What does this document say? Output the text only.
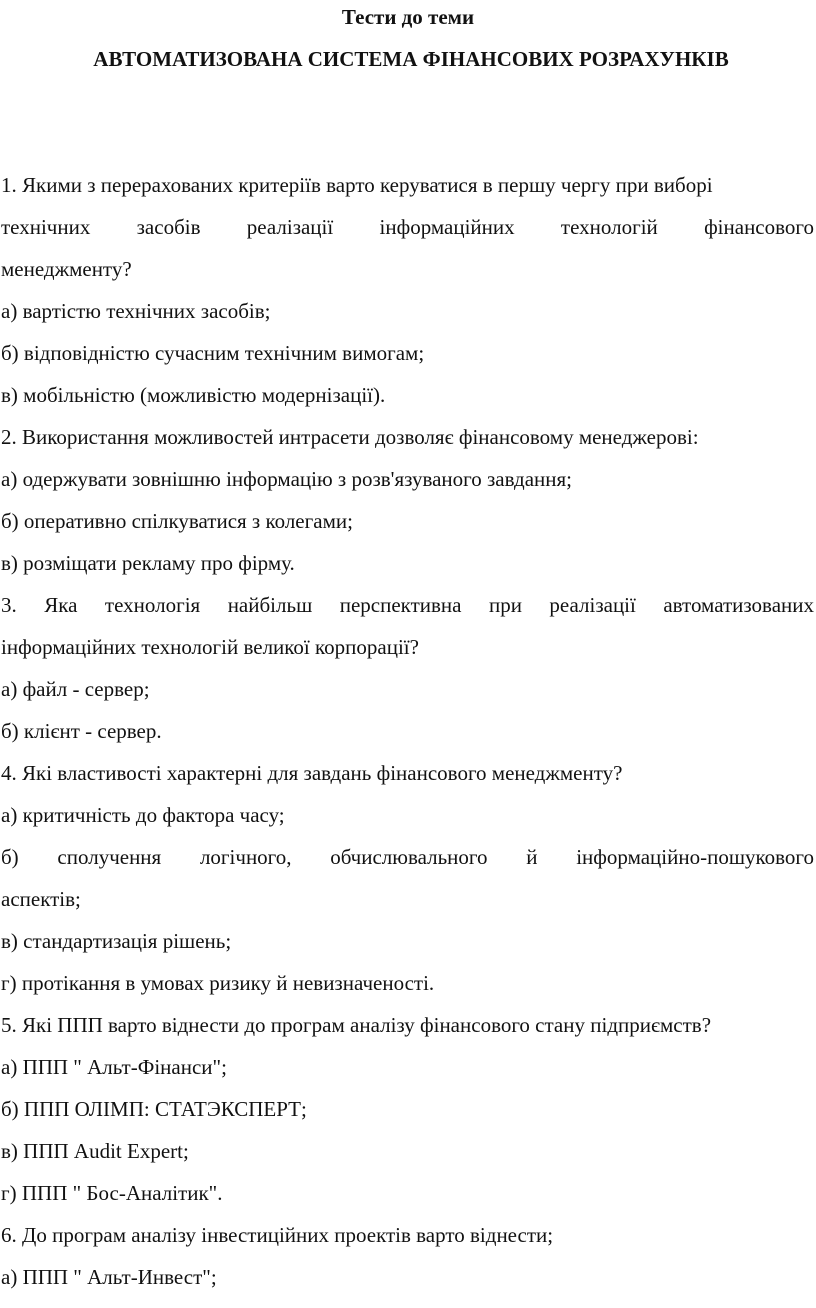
Тести до теми
АВТОМАТИЗОВАНА СИСТЕМА ФІНАНСОВИХ РОЗРАХУНКІВ

1. Якими з перерахованих критеріїв варто керуватися в першу чергу при виборі

технічних засобів реалізації інформаційних технологій фінансового

менеджменту?

а) вартістю технічних засобів;

б) відповідністю сучасним технічним вимогам;

в) мобільністю (можливістю модернізації).

2. Використання можливостей интрасети дозволяє фінансовому менеджерові:

а) одержувати зовнішню інформацію з розв'язуваного завдання;

б) оперативно спілкуватися з колегами;

в) розміщати рекламу про фірму.

3. Яка технологія найбільш перспективна при реалізації автоматизованих

інформаційних технологій великої корпорації?

а) файл - сервер;

б) клієнт - сервер.

4. Які властивості характерні для завдань фінансового менеджменту?

а) критичність до фактора часу;

б) сполучення логічного, обчислювального й інформаційно-пошукового

аспектів;

в) стандартизація рішень;

г) протікання в умовах ризику й невизначеності.

5. Які ППП варто віднести до програм аналізу фінансового стану підприємств?

а) ППП " Альт-Фінанси";

б) ППП ОЛІМП: СТАТЭКСПЕРТ;

в) ППП Audit Expert;

г) ППП " Бос-Аналітик".

6. До програм аналізу інвестиційних проектів варто віднести;

а) ППП " Альт-Инвест";
